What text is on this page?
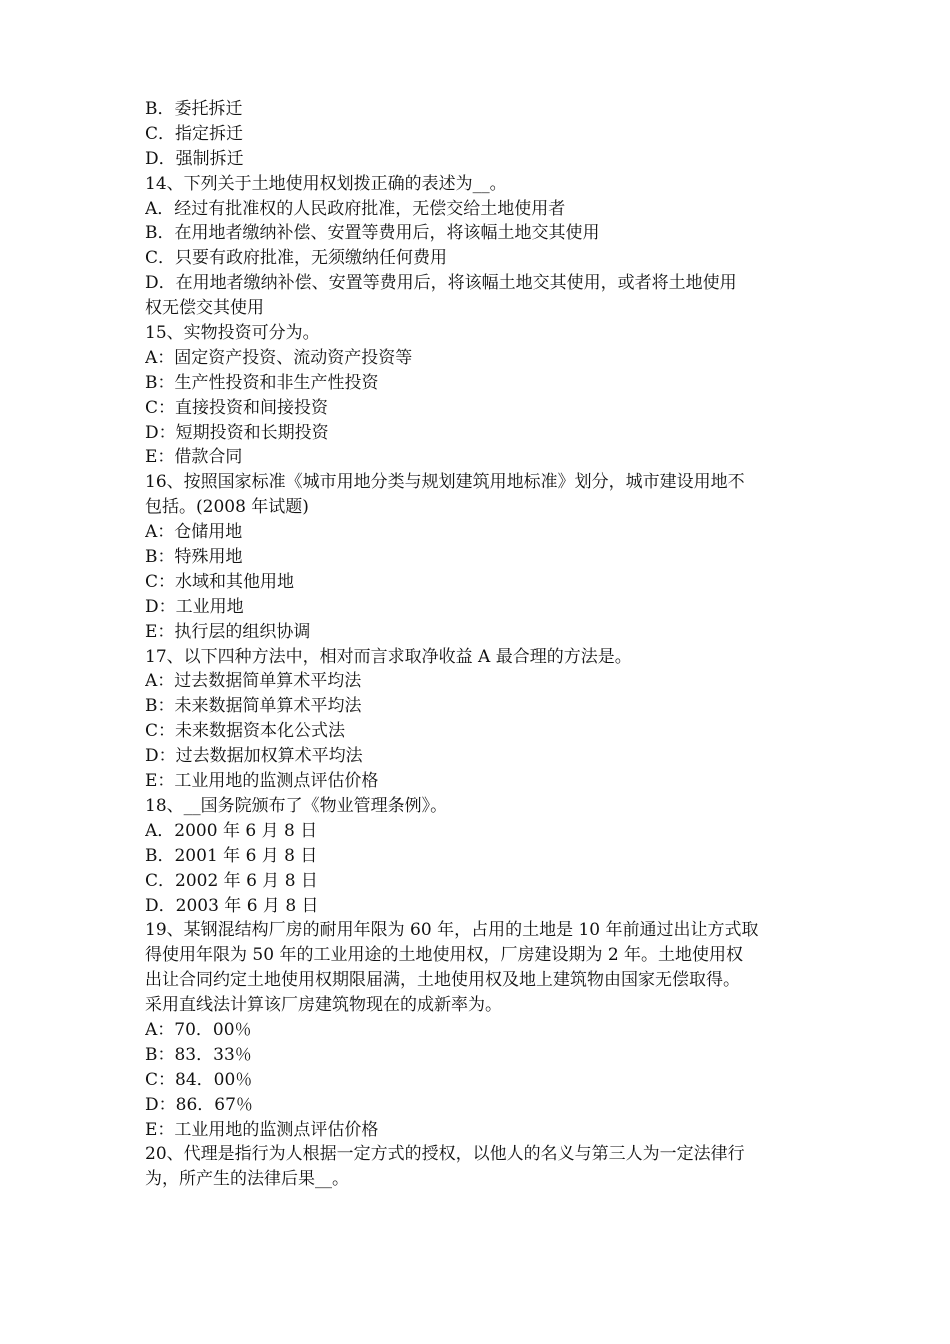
B．委托拆迁

C．指定拆迁

D．强制拆迁

14、下列关于土地使用权划拨正确的表述为__。

A．经过有批准权的人民政府批准，无偿交给土地使用者

B．在用地者缴纳补偿、安置等费用后，将该幅土地交其使用

C．只要有政府批准，无须缴纳任何费用

D．在用地者缴纳补偿、安置等费用后，将该幅土地交其使用，或者将土地使用

权无偿交其使用

15、实物投资可分为。

A：固定资产投资、流动资产投资等

B：生产性投资和非生产性投资

C：直接投资和间接投资

D：短期投资和长期投资

E：借款合同

16、按照国家标准《城市用地分类与规划建筑用地标准》划分，城市建设用地不

包括。(2008 年试题)

A：仓储用地

B：特殊用地

C：水域和其他用地

D：工业用地

E：执行层的组织协调

17、以下四种方法中，相对而言求取净收益 A 最合理的方法是。

A：过去数据简单算术平均法

B：未来数据简单算术平均法

C：未来数据资本化公式法

D：过去数据加权算术平均法

E：工业用地的监测点评估价格

18、__国务院颁布了《物业管理条例》。

A．2000 年 6 月 8 日

B．2001 年 6 月 8 日

C．2002 年 6 月 8 日

D．2003 年 6 月 8 日

19、某钢混结构厂房的耐用年限为 60 年，占用的土地是 10 年前通过出让方式取

得使用年限为 50 年的工业用途的土地使用权，厂房建设期为 2 年。土地使用权

出让合同约定土地使用权期限届满，土地使用权及地上建筑物由国家无偿取得。

采用直线法计算该厂房建筑物现在的成新率为。

A：70．00％

B：83．33％

C：84．00％

D：86．67％

E：工业用地的监测点评估价格

20、代理是指行为人根据一定方式的授权，以他人的名义与第三人为一定法律行

为，所产生的法律后果__。
